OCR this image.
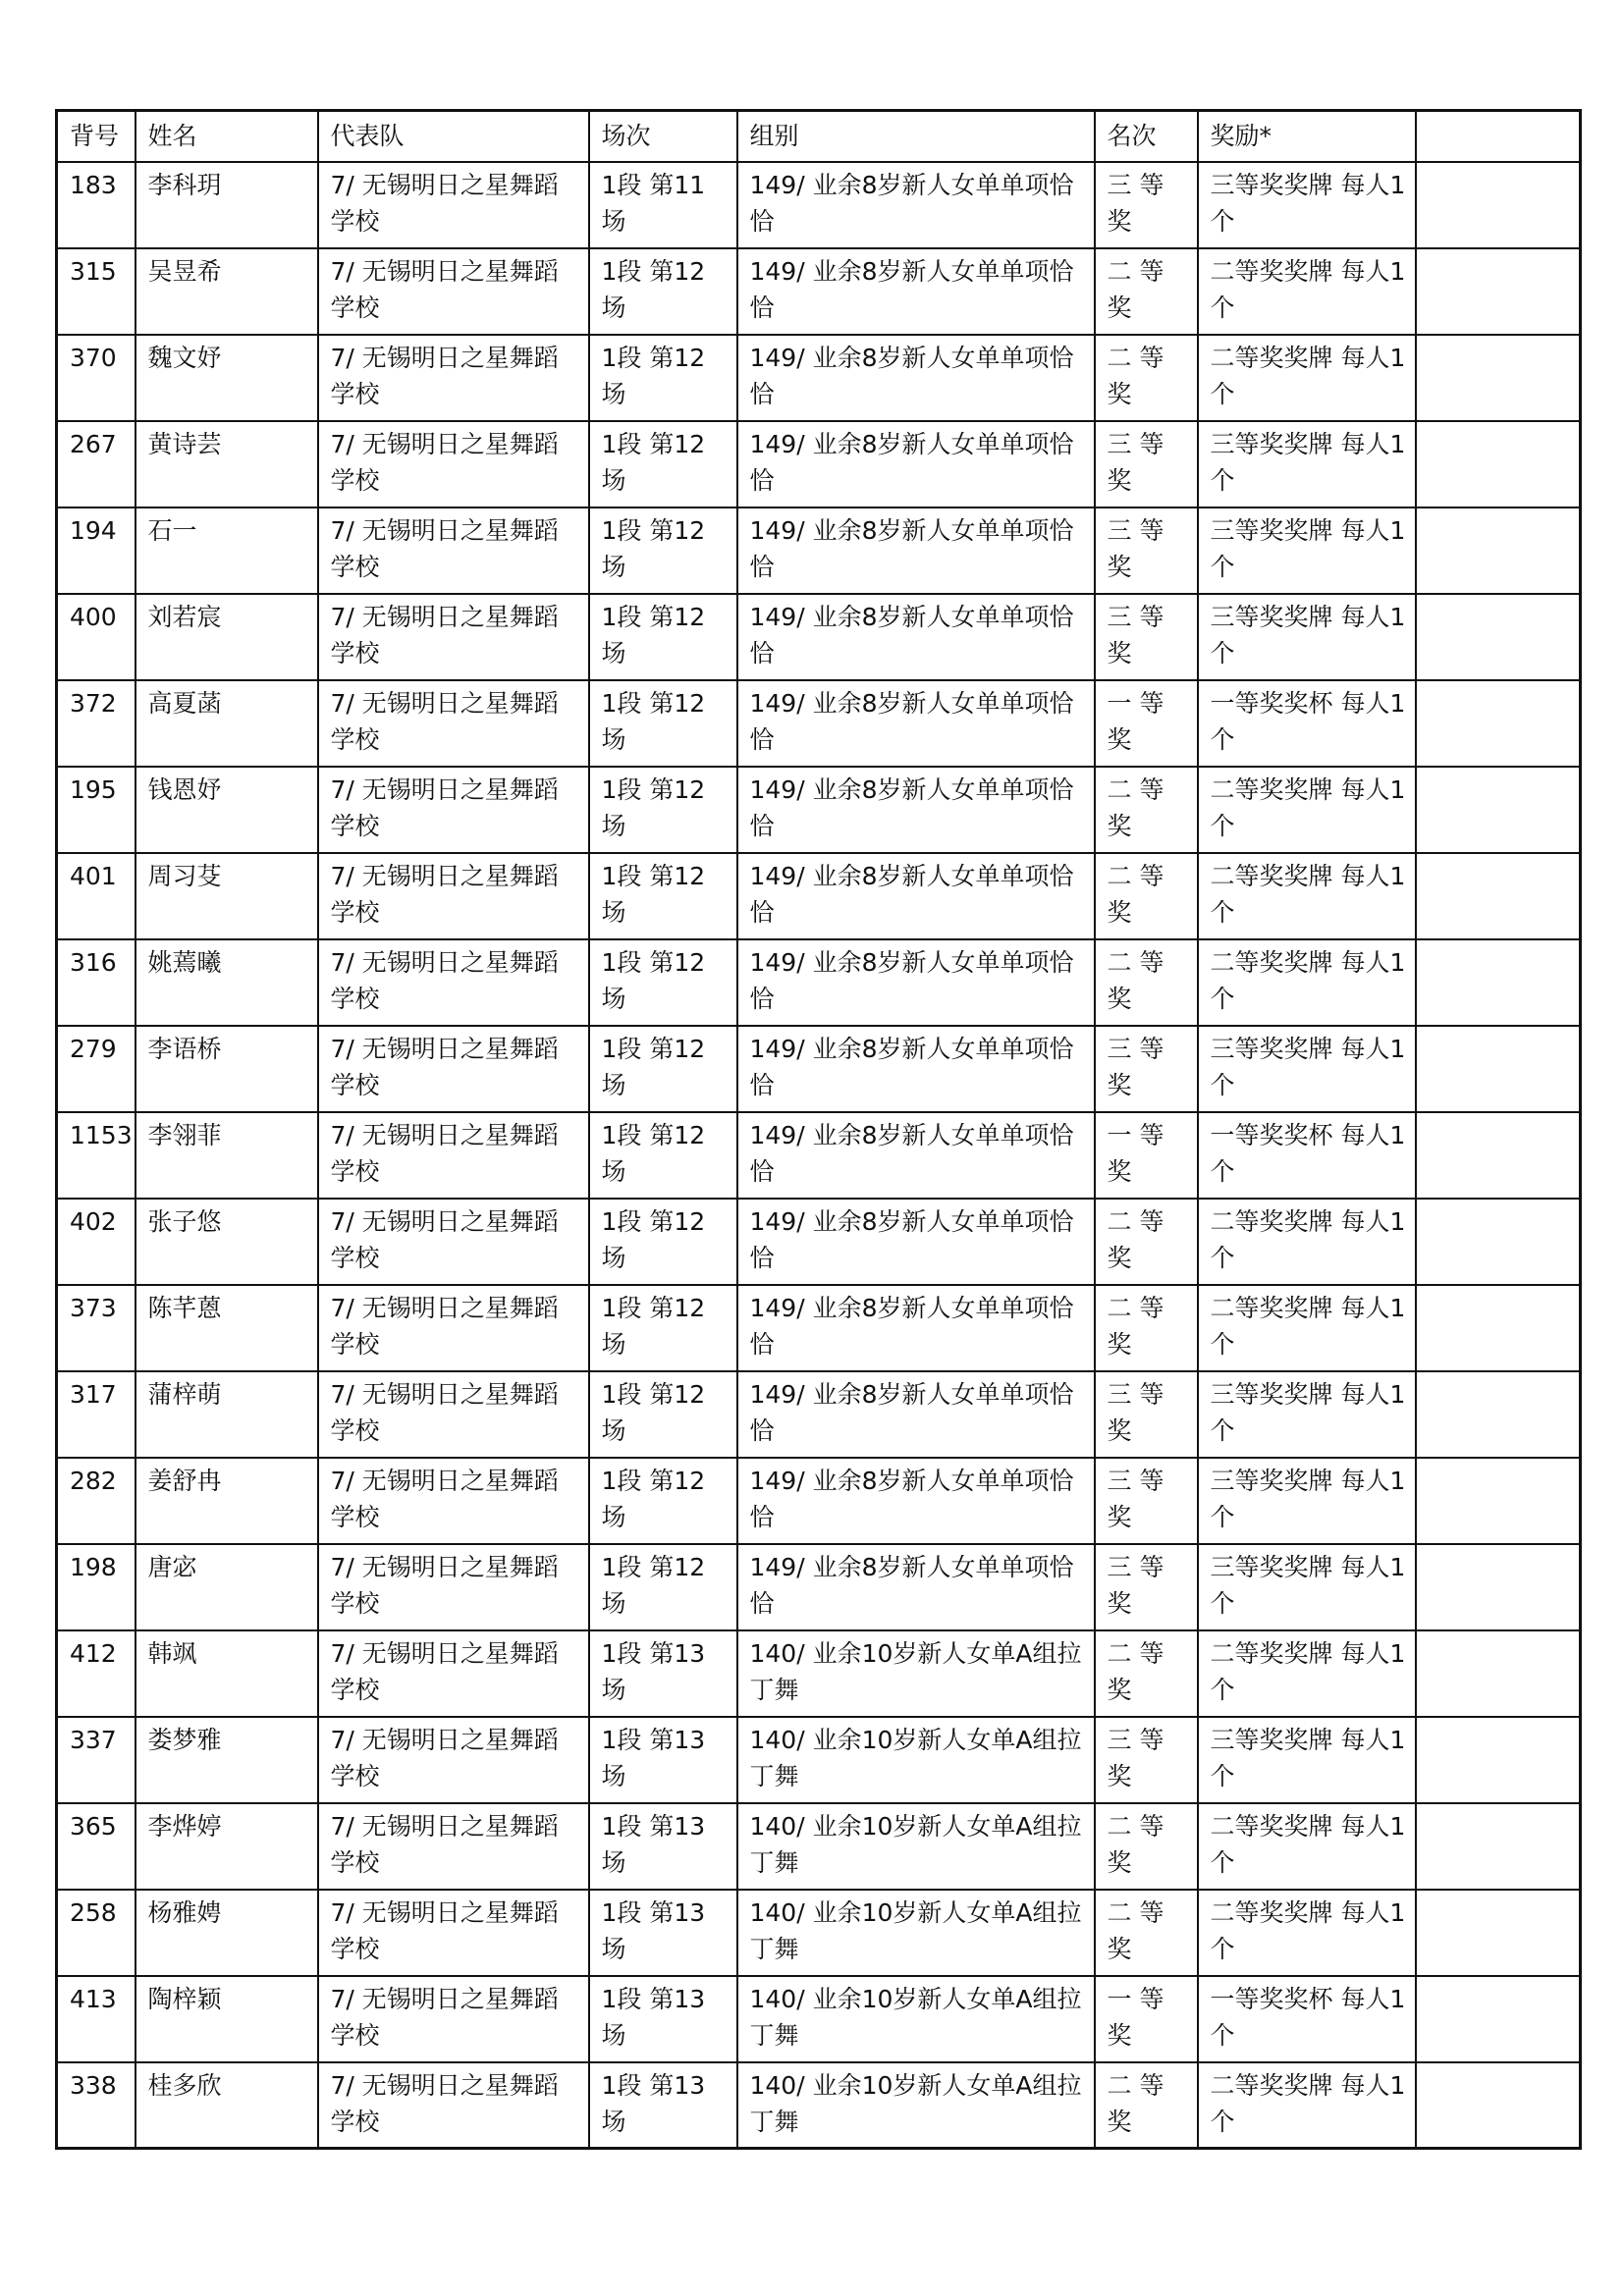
背号	姓名	代表队	场次	组别	名次	奖励*	
183	李科玥	7/ 无锡明日之星舞蹈学校	1段 第11场	149/ 业余8岁新人女单单项恰恰	三 等 奖	三等奖奖牌 每人1个	
315	吴昱希	7/ 无锡明日之星舞蹈学校	1段 第12场	149/ 业余8岁新人女单单项恰恰	二 等 奖	二等奖奖牌 每人1个	
370	魏文妤	7/ 无锡明日之星舞蹈学校	1段 第12场	149/ 业余8岁新人女单单项恰恰	二 等 奖	二等奖奖牌 每人1个	
267	黄诗芸	7/ 无锡明日之星舞蹈学校	1段 第12场	149/ 业余8岁新人女单单项恰恰	三 等 奖	三等奖奖牌 每人1个	
194	石一	7/ 无锡明日之星舞蹈学校	1段 第12场	149/ 业余8岁新人女单单项恰恰	三 等 奖	三等奖奖牌 每人1个	
400	刘若宸	7/ 无锡明日之星舞蹈学校	1段 第12场	149/ 业余8岁新人女单单项恰恰	三 等 奖	三等奖奖牌 每人1个	
372	高夏菡	7/ 无锡明日之星舞蹈学校	1段 第12场	149/ 业余8岁新人女单单项恰恰	一 等 奖	一等奖奖杯 每人1个	
195	钱恩妤	7/ 无锡明日之星舞蹈学校	1段 第12场	149/ 业余8岁新人女单单项恰恰	二 等 奖	二等奖奖牌 每人1个	
401	周习芟	7/ 无锡明日之星舞蹈学校	1段 第12场	149/ 业余8岁新人女单单项恰恰	二 等 奖	二等奖奖牌 每人1个	
316	姚蔫曦	7/ 无锡明日之星舞蹈学校	1段 第12场	149/ 业余8岁新人女单单项恰恰	二 等 奖	二等奖奖牌 每人1个	
279	李语桥	7/ 无锡明日之星舞蹈学校	1段 第12场	149/ 业余8岁新人女单单项恰恰	三 等 奖	三等奖奖牌 每人1个	
1153	李翎菲	7/ 无锡明日之星舞蹈学校	1段 第12场	149/ 业余8岁新人女单单项恰恰	一 等 奖	一等奖奖杯 每人1个	
402	张子悠	7/ 无锡明日之星舞蹈学校	1段 第12场	149/ 业余8岁新人女单单项恰恰	二 等 奖	二等奖奖牌 每人1个	
373	陈芊蒽	7/ 无锡明日之星舞蹈学校	1段 第12场	149/ 业余8岁新人女单单项恰恰	二 等 奖	二等奖奖牌 每人1个	
317	蒲梓萌	7/ 无锡明日之星舞蹈学校	1段 第12场	149/ 业余8岁新人女单单项恰恰	三 等 奖	三等奖奖牌 每人1个	
282	姜舒冉	7/ 无锡明日之星舞蹈学校	1段 第12场	149/ 业余8岁新人女单单项恰恰	三 等 奖	三等奖奖牌 每人1个	
198	唐宓	7/ 无锡明日之星舞蹈学校	1段 第12场	149/ 业余8岁新人女单单项恰恰	三 等 奖	三等奖奖牌 每人1个	
412	韩飒	7/ 无锡明日之星舞蹈学校	1段 第13场	140/ 业余10岁新人女单A组拉丁舞	二 等 奖	二等奖奖牌 每人1个	
337	娄梦雅	7/ 无锡明日之星舞蹈学校	1段 第13场	140/ 业余10岁新人女单A组拉丁舞	三 等 奖	三等奖奖牌 每人1个	
365	李烨婷	7/ 无锡明日之星舞蹈学校	1段 第13场	140/ 业余10岁新人女单A组拉丁舞	二 等 奖	二等奖奖牌 每人1个	
258	杨雅娉	7/ 无锡明日之星舞蹈学校	1段 第13场	140/ 业余10岁新人女单A组拉丁舞	二 等 奖	二等奖奖牌 每人1个	
413	陶梓颖	7/ 无锡明日之星舞蹈学校	1段 第13场	140/ 业余10岁新人女单A组拉丁舞	一 等 奖	一等奖奖杯 每人1个	
338	桂多欣	7/ 无锡明日之星舞蹈学校	1段 第13场	140/ 业余10岁新人女单A组拉丁舞	二 等 奖	二等奖奖牌 每人1个	
